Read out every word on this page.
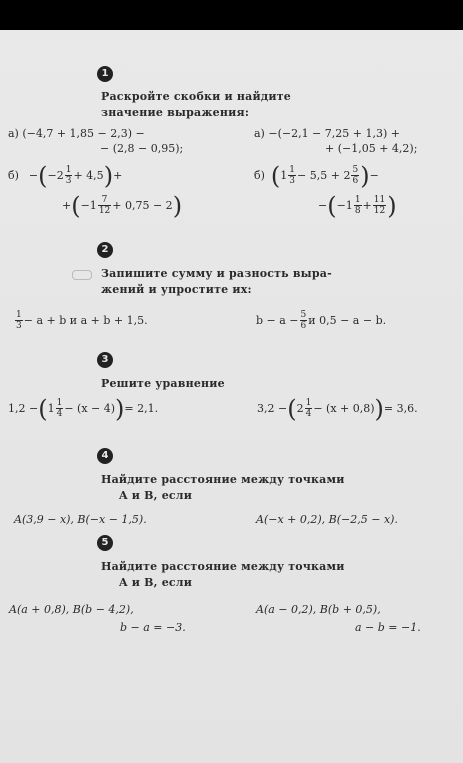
1
Раскройте скобки и найдите
значение выражения:
а) (−4,7 + 1,85 − 2,3) −
− (2,8 − 0,95);
а) −(−2,1 − 7,25 + 1,3) +
+ (−1,05 + 4,2);
б) − ( $-2 \frac{1}{3} + 4,5$ ) +
+ ( $-1 \frac{7}{12} + 0,75 - 2$ )
б) ( $1 \frac{1}{3} - 5,5 + 2 \frac{5}{6}$ ) −
− ( $-1 \frac{1}{8} + \frac{11}{12}$ )
2
Запишите сумму и разность выра-
жений и упростите их:
$\frac{1}{3} - a + b$ и a + b + 1,5.	$b - a - \frac{5}{6}$ и 0,5 − a − b.
3
Решите уравнение
1,2 − ( $1 \frac{1}{4} - (x - 4)$ ) = 2,1.	3,2 − ( $2 \frac{1}{4} - (x + 0,8)$ ) = 3,6.
4
Найдите расстояние между точками
A и B, если
A(3,9 − x), B(−x − 1,5).	A(−x + 0,2), B(−2,5 − x).
5
Найдите расстояние между точками
A и B, если
A(a + 0,8), B(b − 4,2),
b − a = −3.
A(a − 0,2), B(b + 0,5),
a − b = −1.
